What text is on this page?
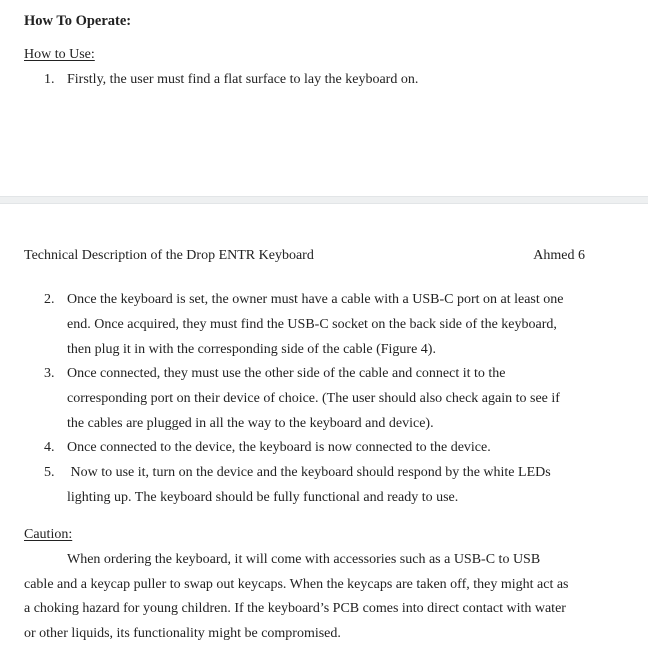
How To Operate:
How to Use:
1. Firstly, the user must find a flat surface to lay the keyboard on.
Technical Description of the Drop ENTR Keyboard	Ahmed 6
2. Once the keyboard is set, the owner must have a cable with a USB-C port on at least one
end. Once acquired, they must find the USB-C socket on the back side of the keyboard,
then plug it in with the corresponding side of the cable (Figure 4).
3. Once connected, they must use the other side of the cable and connect it to the
corresponding port on their device of choice. (The user should also check again to see if
the cables are plugged in all the way to the keyboard and device).
4. Once connected to the device, the keyboard is now connected to the device.
5. Now to use it, turn on the device and the keyboard should respond by the white LEDs
lighting up. The keyboard should be fully functional and ready to use.
Caution:
When ordering the keyboard, it will come with accessories such as a USB-C to USB
cable and a keycap puller to swap out keycaps. When the keycaps are taken off, they might act as
a choking hazard for young children. If the keyboard’s PCB comes into direct contact with water
or other liquids, its functionality might be compromised.
